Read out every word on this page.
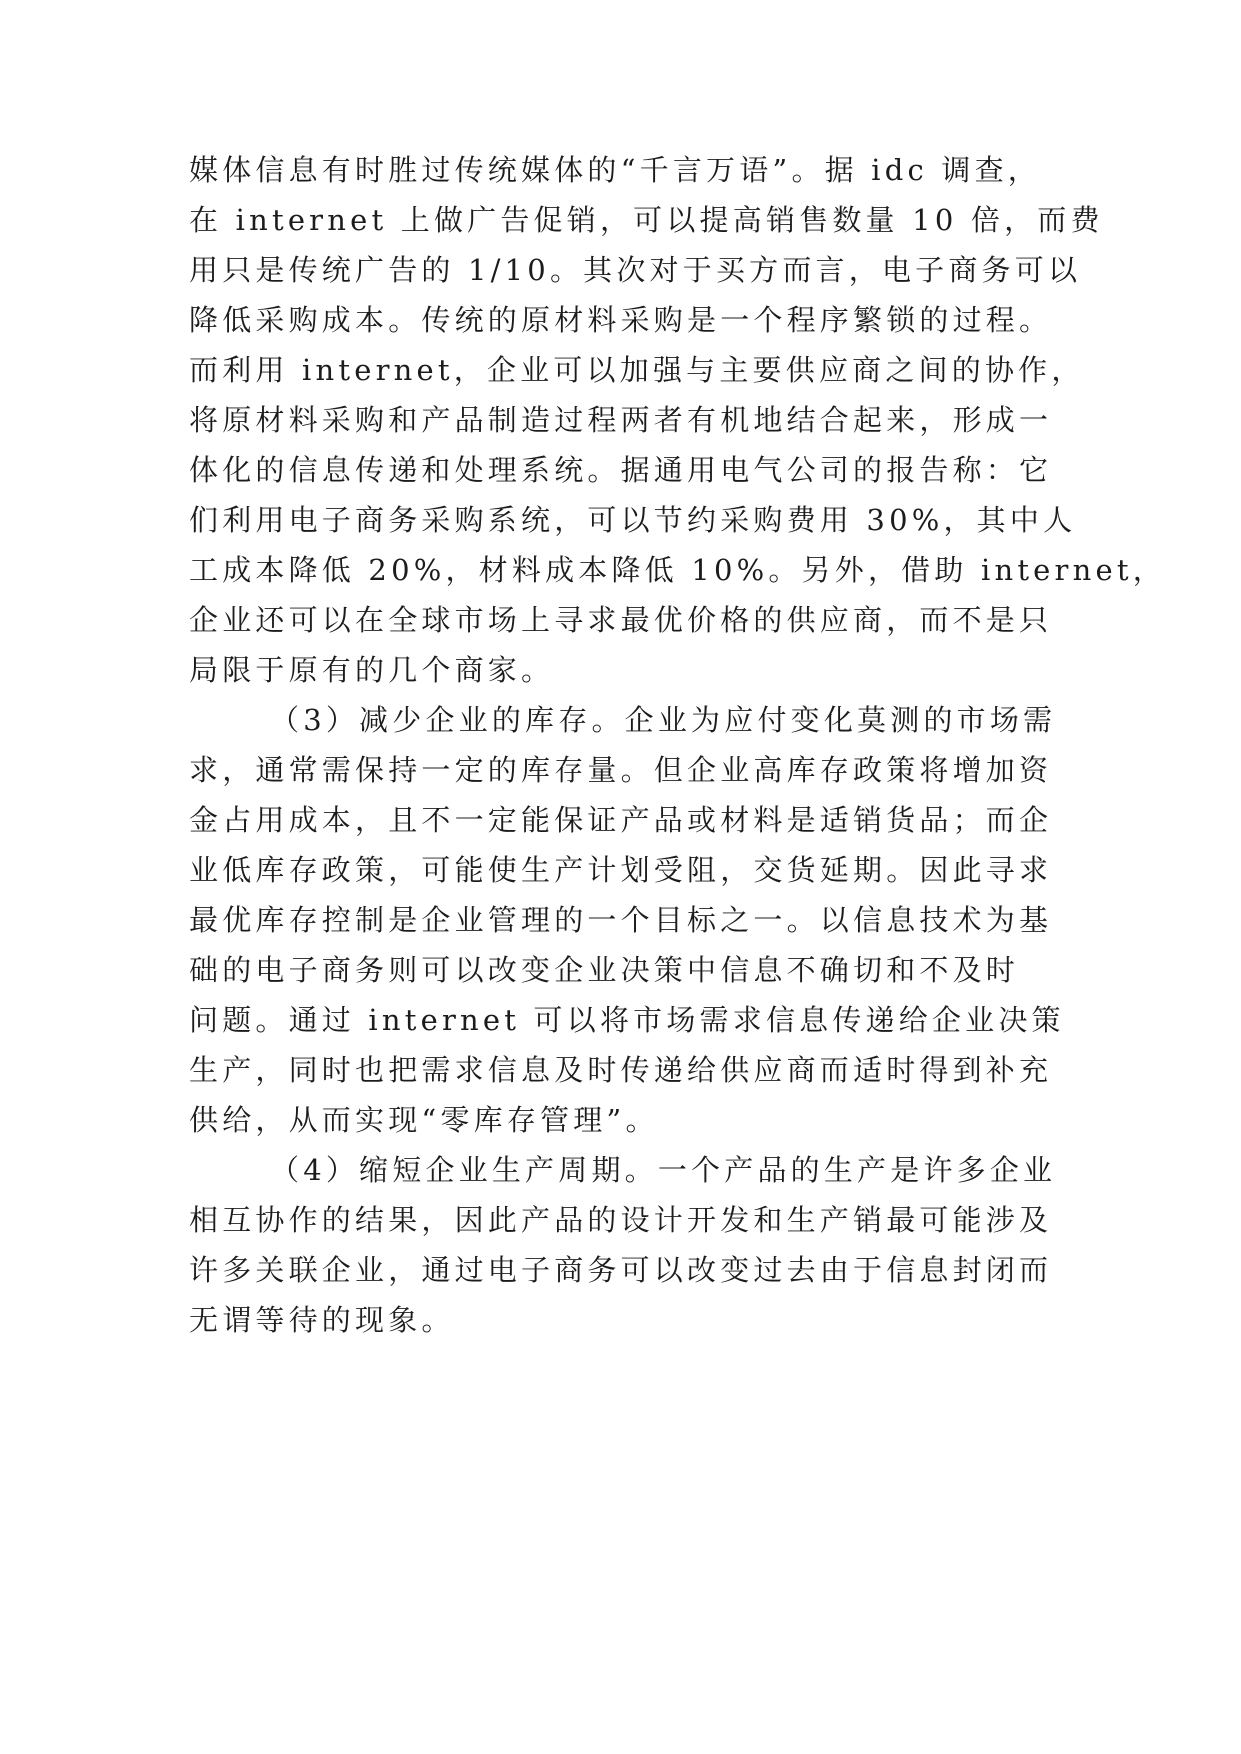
媒体信息有时胜过传统媒体的“千言万语”。据 idc 调查，

在 internet 上做广告促销，可以提高销售数量 10 倍，而费

用只是传统广告的 1/10。其次对于买方而言，电子商务可以

降低采购成本。传统的原材料采购是一个程序繁锁的过程。

而利用 internet，企业可以加强与主要供应商之间的协作，

将原材料采购和产品制造过程两者有机地结合起来，形成一

体化的信息传递和处理系统。据通用电气公司的报告称：它

们利用电子商务采购系统，可以节约采购费用 30%，其中人

工成本降低 20%，材料成本降低 10%。另外，借助 internet，

企业还可以在全球市场上寻求最优价格的供应商，而不是只

局限于原有的几个商家。

（3）减少企业的库存。企业为应付变化莫测的市场需

求，通常需保持一定的库存量。但企业高库存政策将增加资

金占用成本，且不一定能保证产品或材料是适销货品；而企

业低库存政策，可能使生产计划受阻，交货延期。因此寻求

最优库存控制是企业管理的一个目标之一。以信息技术为基

础的电子商务则可以改变企业决策中信息不确切和不及时

问题。通过 internet 可以将市场需求信息传递给企业决策

生产，同时也把需求信息及时传递给供应商而适时得到补充

供给，从而实现“零库存管理”。

（4）缩短企业生产周期。一个产品的生产是许多企业

相互协作的结果，因此产品的设计开发和生产销最可能涉及

许多关联企业，通过电子商务可以改变过去由于信息封闭而

无谓等待的现象。
